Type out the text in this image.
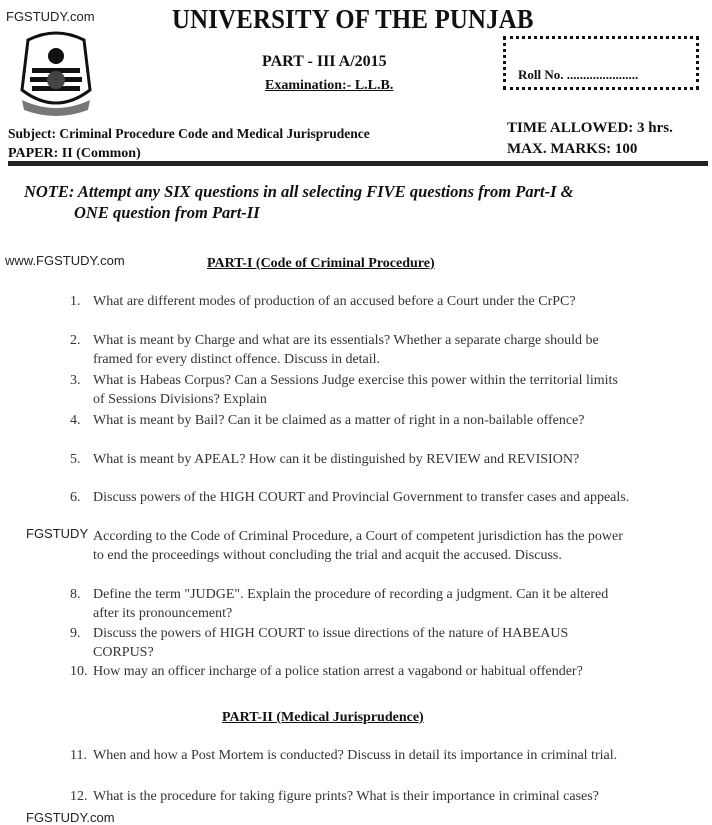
FGSTUDY.com	UNIVERSITY OF THE PUNJAB
PART - III A/2015
Examination:- L.L.B.
Roll No. ......................
Subject: Criminal Procedure Code and Medical Jurisprudence
PAPER: II (Common)
TIME ALLOWED: 3 hrs.
MAX. MARKS: 100
NOTE: Attempt any SIX questions in all selecting FIVE questions from Part-I &
ONE question from Part-II
www.FGSTUDY.com	PART-I (Code of Criminal Procedure)
1. What are different modes of production of an accused before a Court under the CrPC?
2. What is meant by Charge and what are its essentials? Whether a separate charge should be framed for every distinct offence. Discuss in detail.
3. What is Habeas Corpus? Can a Sessions Judge exercise this power within the territorial limits of Sessions Divisions? Explain
4. What is meant by Bail? Can it be claimed as a matter of right in a non-bailable offence?
5. What is meant by APEAL? How can it be distinguished by REVIEW and REVISION?
6. Discuss powers of the HIGH COURT and Provincial Government to transfer cases and appeals.
FGSTUDY According to the Code of Criminal Procedure, a Court of competent jurisdiction has the power to end the proceedings without concluding the trial and acquit the accused. Discuss.
8. Define the term "JUDGE". Explain the procedure of recording a judgment. Can it be altered after its pronouncement?
9. Discuss the powers of HIGH COURT to issue directions of the nature of HABEAUS CORPUS?
10. How may an officer incharge of a police station arrest a vagabond or habitual offender?
PART-II (Medical Jurisprudence)
11. When and how a Post Mortem is conducted? Discuss in detail its importance in criminal trial.
12. What is the procedure for taking figure prints? What is their importance in criminal cases?
FGSTUDY.com
